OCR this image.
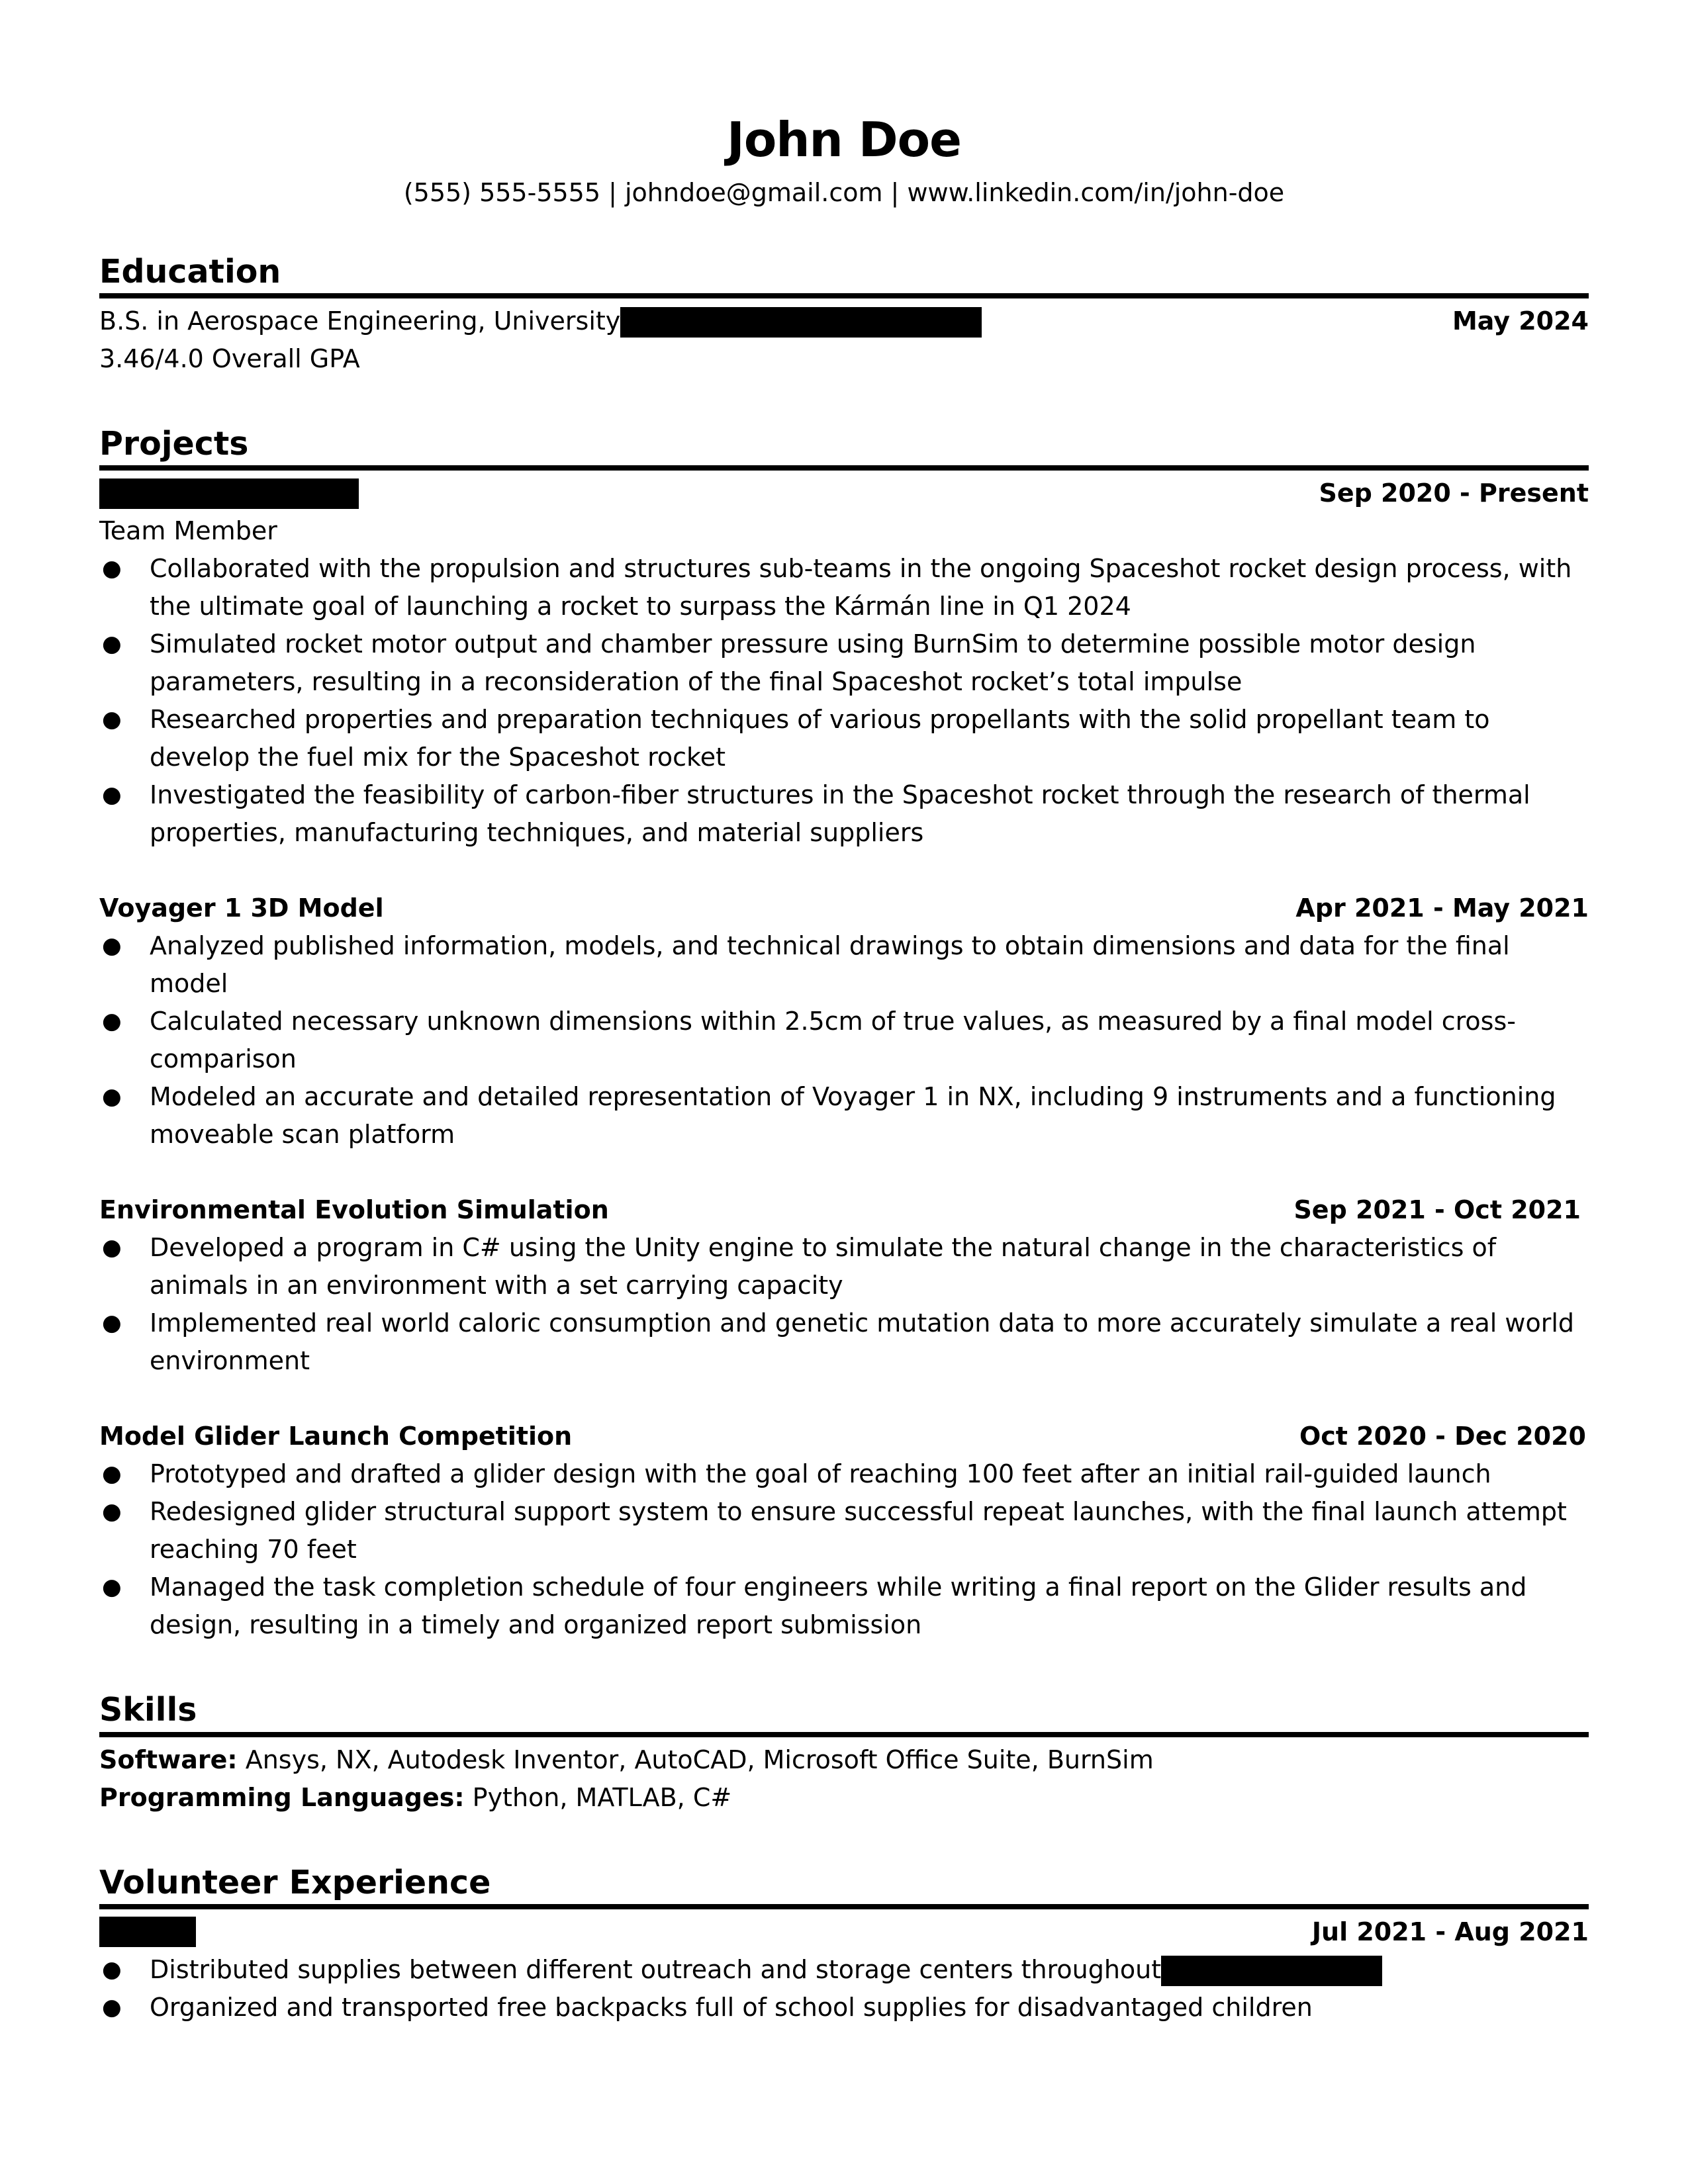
John Doe
(555) 555-5555 | johndoe@gmail.com | www.linkedin.com/in/john-doe
Education
B.S. in Aerospace Engineering, University	May 2024
3.46/4.0 Overall GPA
Projects
Sep 2020 - Present
Team Member
● Collaborated with the propulsion and structures sub-teams in the ongoing Spaceshot rocket design process, with the ultimate goal of launching a rocket to surpass the Kármán line in Q1 2024
● Simulated rocket motor output and chamber pressure using BurnSim to determine possible motor design parameters, resulting in a reconsideration of the final Spaceshot rocket’s total impulse
● Researched properties and preparation techniques of various propellants with the solid propellant team to develop the fuel mix for the Spaceshot rocket
● Investigated the feasibility of carbon-fiber structures in the Spaceshot rocket through the research of thermal properties, manufacturing techniques, and material suppliers
Voyager 1 3D Model	Apr 2021 - May 2021
● Analyzed published information, models, and technical drawings to obtain dimensions and data for the final model
● Calculated necessary unknown dimensions within 2.5cm of true values, as measured by a final model cross-comparison
● Modeled an accurate and detailed representation of Voyager 1 in NX, including 9 instruments and a functioning moveable scan platform
Environmental Evolution Simulation	Sep 2021 - Oct 2021
● Developed a program in C# using the Unity engine to simulate the natural change in the characteristics of animals in an environment with a set carrying capacity
● Implemented real world caloric consumption and genetic mutation data to more accurately simulate a real world environment
Model Glider Launch Competition	Oct 2020 - Dec 2020
● Prototyped and drafted a glider design with the goal of reaching 100 feet after an initial rail-guided launch
● Redesigned glider structural support system to ensure successful repeat launches, with the final launch attempt reaching 70 feet
● Managed the task completion schedule of four engineers while writing a final report on the Glider results and design, resulting in a timely and organized report submission
Skills
Software: Ansys, NX, Autodesk Inventor, AutoCAD, Microsoft Office Suite, BurnSim
Programming Languages: Python, MATLAB, C#
Volunteer Experience
Jul 2021 - Aug 2021
● Distributed supplies between different outreach and storage centers throughout
● Organized and transported free backpacks full of school supplies for disadvantaged children
